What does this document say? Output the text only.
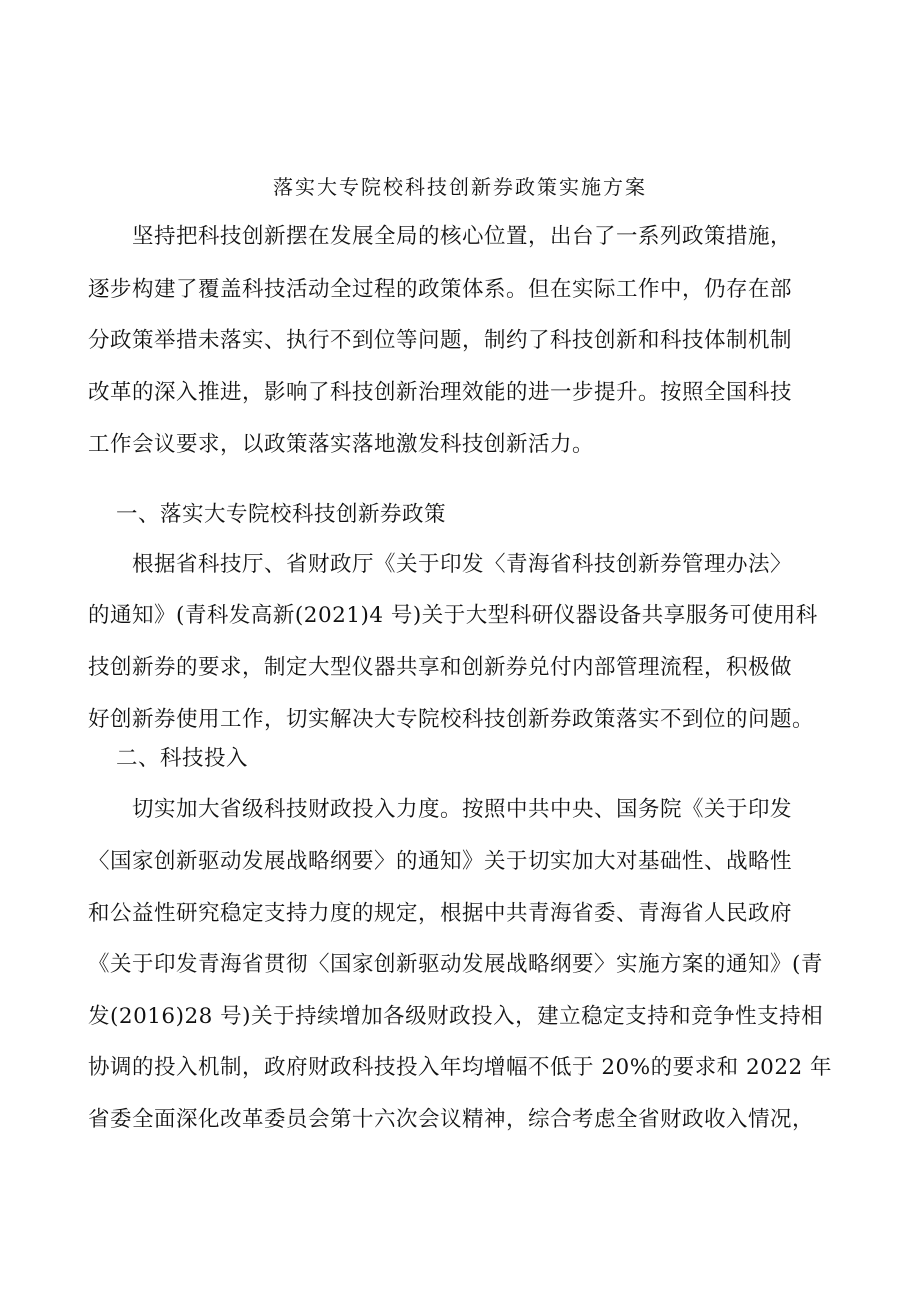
落实大专院校科技创新券政策实施方案
坚持把科技创新摆在发展全局的核心位置，出台了一系列政策措施，
逐步构建了覆盖科技活动全过程的政策体系。但在实际工作中，仍存在部
分政策举措未落实、执行不到位等问题，制约了科技创新和科技体制机制
改革的深入推进，影响了科技创新治理效能的进一步提升。按照全国科技
工作会议要求，以政策落实落地激发科技创新活力。
一、落实大专院校科技创新券政策
根据省科技厅、省财政厅《关于印发〈青海省科技创新券管理办法〉
的通知》(青科发高新(2021)4 号)关于大型科研仪器设备共享服务可使用科
技创新券的要求，制定大型仪器共享和创新券兑付内部管理流程，积极做
好创新券使用工作，切实解决大专院校科技创新券政策落实不到位的问题。
二、科技投入
切实加大省级科技财政投入力度。按照中共中央、国务院《关于印发
〈国家创新驱动发展战略纲要〉的通知》关于切实加大对基础性、战略性
和公益性研究稳定支持力度的规定，根据中共青海省委、青海省人民政府
《关于印发青海省贯彻〈国家创新驱动发展战略纲要〉实施方案的通知》(青
发(2016)28 号)关于持续增加各级财政投入，建立稳定支持和竞争性支持相
协调的投入机制，政府财政科技投入年均增幅不低于 20%的要求和 2022 年
省委全面深化改革委员会第十六次会议精神，综合考虑全省财政收入情况，
